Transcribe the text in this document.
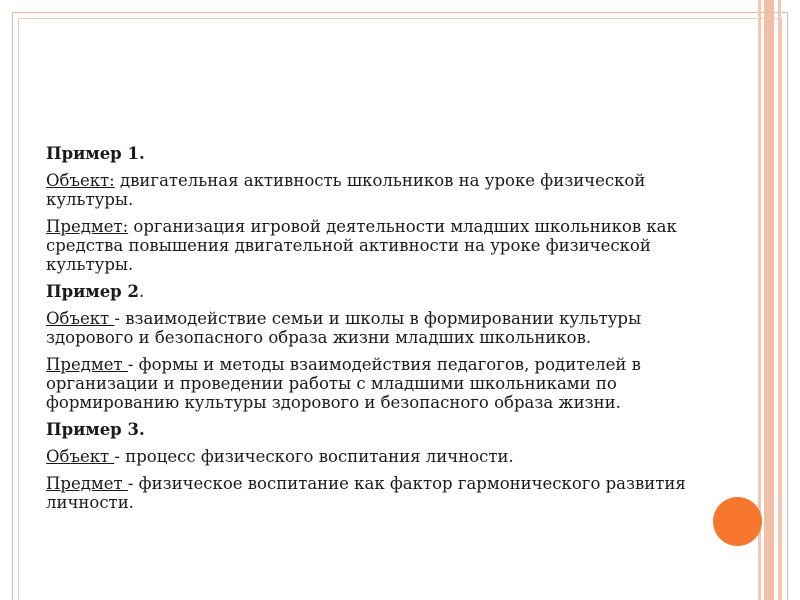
Пример 1.

Объект: двигательная активность школьников на уроке физической культуры.

Предмет: организация игровой деятельности младших школьников как средства повышения двигательной активности на уроке физической культуры.

Пример 2.

Объект - взаимодействие семьи и школы в формировании культуры здорового и безопасного образа жизни младших школьников.

Предмет - формы и методы взаимодействия педагогов, родителей в организации и проведении работы с младшими школьниками по формированию культуры здорового и безопасного образа жизни.

Пример 3.

Объект - процесс физического воспитания личности.

Предмет - физическое воспитание как фактор гармонического развития личности.
